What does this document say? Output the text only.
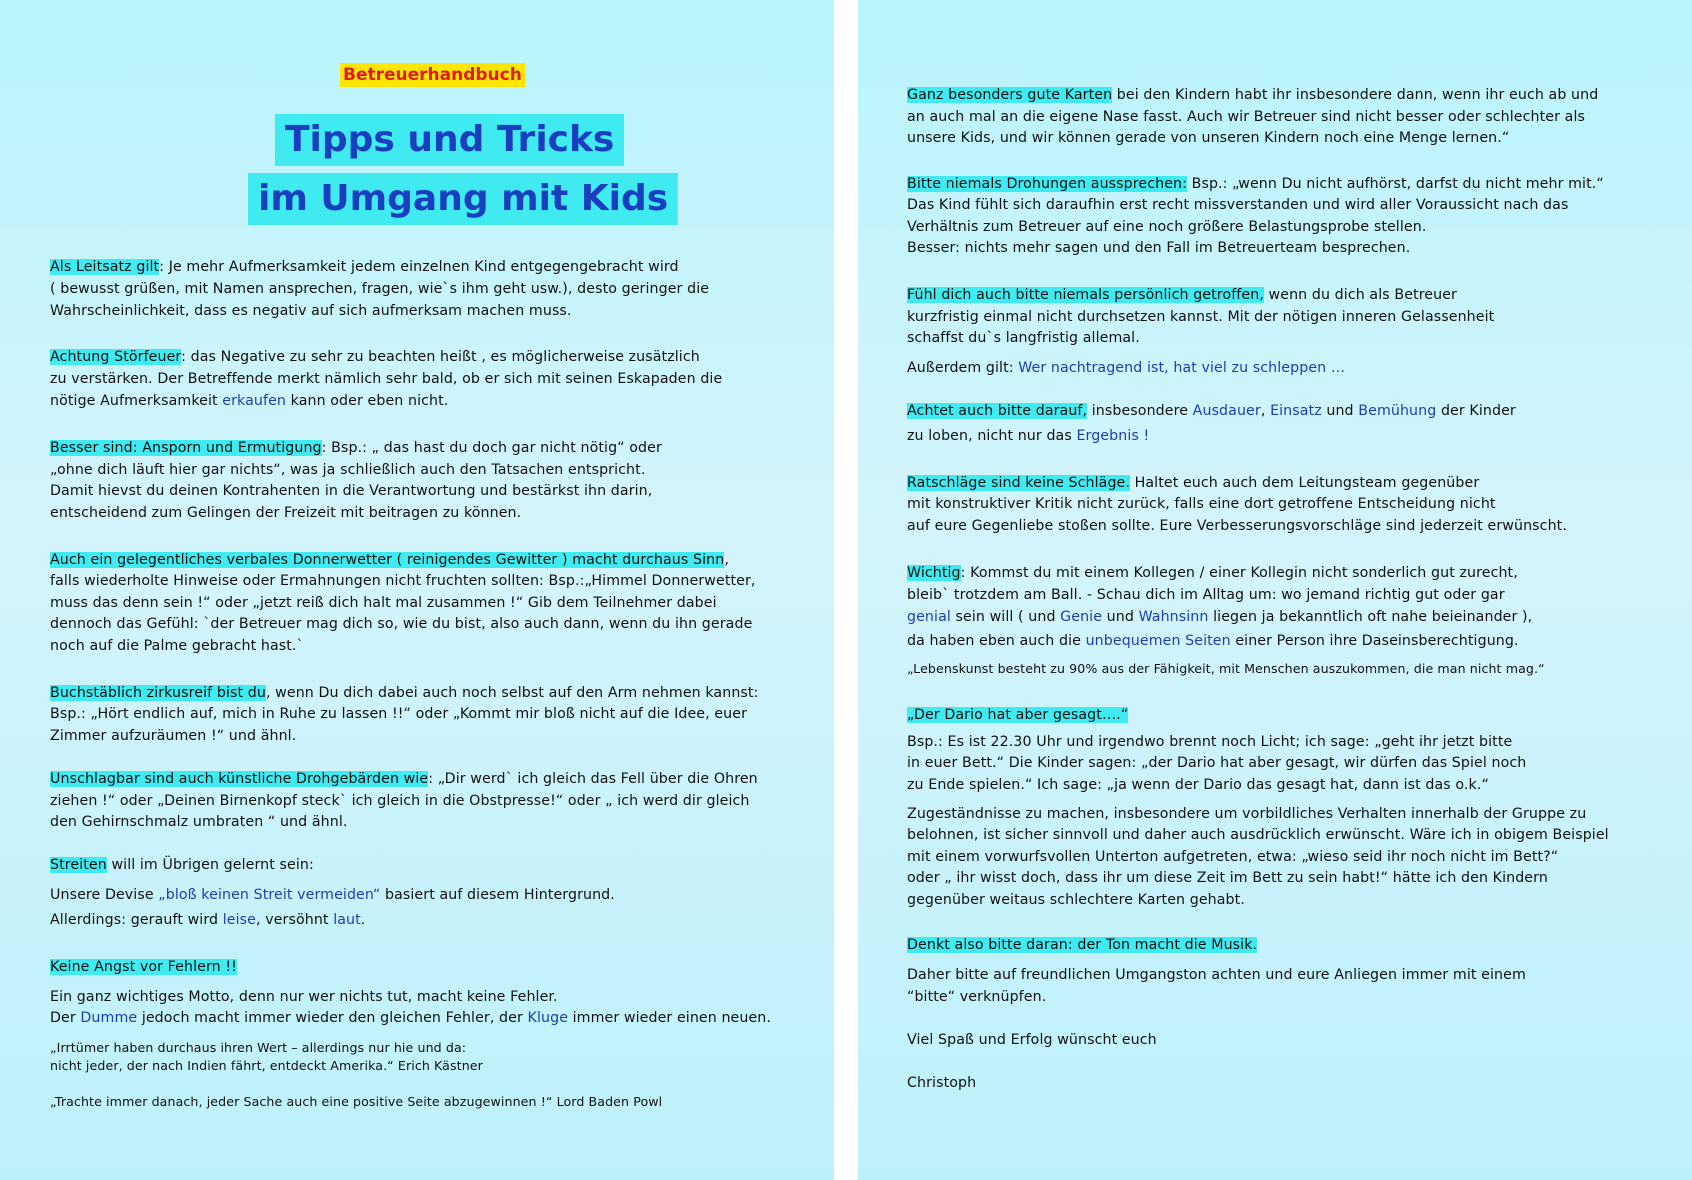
Betreuerhandbuch
Tipps und Tricks
im Umgang mit Kids
Als Leitsatz gilt: Je mehr Aufmerksamkeit jedem einzelnen Kind entgegengebracht wird
( bewusst grüßen, mit Namen ansprechen, fragen, wie`s ihm geht usw.), desto geringer die
Wahrscheinlichkeit, dass es negativ auf sich aufmerksam machen muss.
Achtung Störfeuer: das Negative zu sehr zu beachten heißt , es möglicherweise zusätzlich
zu verstärken. Der Betreffende merkt nämlich sehr bald, ob er sich mit seinen Eskapaden die
nötige Aufmerksamkeit erkaufen kann oder eben nicht.
Besser sind: Ansporn und Ermutigung: Bsp.: „ das hast du doch gar nicht nötig“ oder
„ohne dich läuft hier gar nichts“, was ja schließlich auch den Tatsachen entspricht.
Damit hievst du deinen Kontrahenten in die Verantwortung und bestärkst ihn darin,
entscheidend zum Gelingen der Freizeit mit beitragen zu können.
Auch ein gelegentliches verbales Donnerwetter ( reinigendes Gewitter ) macht durchaus Sinn,
falls wiederholte Hinweise oder Ermahnungen nicht fruchten sollten: Bsp.:„Himmel Donnerwetter,
muss das denn sein !“ oder „jetzt reiß dich halt mal zusammen !“ Gib dem Teilnehmer dabei
dennoch das Gefühl: `der Betreuer mag dich so, wie du bist, also auch dann, wenn du ihn gerade
noch auf die Palme gebracht hast.`
Buchstäblich zirkusreif bist du, wenn Du dich dabei auch noch selbst auf den Arm nehmen kannst:
Bsp.: „Hört endlich auf, mich in Ruhe zu lassen !!“ oder „Kommt mir bloß nicht auf die Idee, euer
Zimmer aufzuräumen !“ und ähnl.
Unschlagbar sind auch künstliche Drohgebärden wie: „Dir werd` ich gleich das Fell über die Ohren
ziehen !“ oder „Deinen Birnenkopf steck` ich gleich in die Obstpresse!“ oder „ ich werd dir gleich
den Gehirnschmalz umbraten “ und ähnl.
Streiten will im Übrigen gelernt sein:
Unsere Devise „bloß keinen Streit vermeiden“ basiert auf diesem Hintergrund.
Allerdings: gerauft wird leise, versöhnt laut.
Keine Angst vor Fehlern !!
Ein ganz wichtiges Motto, denn nur wer nichts tut, macht keine Fehler.
Der Dumme jedoch macht immer wieder den gleichen Fehler, der Kluge immer wieder einen neuen.
„Irrtümer haben durchaus ihren Wert – allerdings nur hie und da:
nicht jeder, der nach Indien fährt, entdeckt Amerika.“ Erich Kästner
„Trachte immer danach, jeder Sache auch eine positive Seite abzugewinnen !“ Lord Baden Powl
Ganz besonders gute Karten bei den Kindern habt ihr insbesondere dann, wenn ihr euch ab und
an auch mal an die eigene Nase fasst. Auch wir Betreuer sind nicht besser oder schlechter als
unsere Kids, und wir können gerade von unseren Kindern noch eine Menge lernen.“
Bitte niemals Drohungen aussprechen: Bsp.: „wenn Du nicht aufhörst, darfst du nicht mehr mit.“
Das Kind fühlt sich daraufhin erst recht missverstanden und wird aller Voraussicht nach das
Verhältnis zum Betreuer auf eine noch größere Belastungsprobe stellen.
Besser: nichts mehr sagen und den Fall im Betreuerteam besprechen.
Fühl dich auch bitte niemals persönlich getroffen, wenn du dich als Betreuer
kurzfristig einmal nicht durchsetzen kannst. Mit der nötigen inneren Gelassenheit
schaffst du`s langfristig allemal.
Außerdem gilt: Wer nachtragend ist, hat viel zu schleppen …
Achtet auch bitte darauf, insbesondere Ausdauer, Einsatz und Bemühung der Kinder
zu loben, nicht nur das Ergebnis !
Ratschläge sind keine Schläge. Haltet euch auch dem Leitungsteam gegenüber
mit konstruktiver Kritik nicht zurück, falls eine dort getroffene Entscheidung nicht
auf eure Gegenliebe stoßen sollte. Eure Verbesserungsvorschläge sind jederzeit erwünscht.
Wichtig: Kommst du mit einem Kollegen / einer Kollegin nicht sonderlich gut zurecht,
bleib` trotzdem am Ball. - Schau dich im Alltag um: wo jemand richtig gut oder gar
genial sein will ( und Genie und Wahnsinn liegen ja bekanntlich oft nahe beieinander ),
da haben eben auch die unbequemen Seiten einer Person ihre Daseinsberechtigung.
„Lebenskunst besteht zu 90% aus der Fähigkeit, mit Menschen auszukommen, die man nicht mag.“
„Der Dario hat aber gesagt….“
Bsp.: Es ist 22.30 Uhr und irgendwo brennt noch Licht; ich sage: „geht ihr jetzt bitte
in euer Bett.“ Die Kinder sagen: „der Dario hat aber gesagt, wir dürfen das Spiel noch
zu Ende spielen.“ Ich sage: „ja wenn der Dario das gesagt hat, dann ist das o.k.“
Zugeständnisse zu machen, insbesondere um vorbildliches Verhalten innerhalb der Gruppe zu
belohnen, ist sicher sinnvoll und daher auch ausdrücklich erwünscht. Wäre ich in obigem Beispiel
mit einem vorwurfsvollen Unterton aufgetreten, etwa: „wieso seid ihr noch nicht im Bett?“
oder „ ihr wisst doch, dass ihr um diese Zeit im Bett zu sein habt!“ hätte ich den Kindern
gegenüber weitaus schlechtere Karten gehabt.
Denkt also bitte daran: der Ton macht die Musik.
Daher bitte auf freundlichen Umgangston achten und eure Anliegen immer mit einem
“bitte“ verknüpfen.
Viel Spaß und Erfolg wünscht euch
Christoph
